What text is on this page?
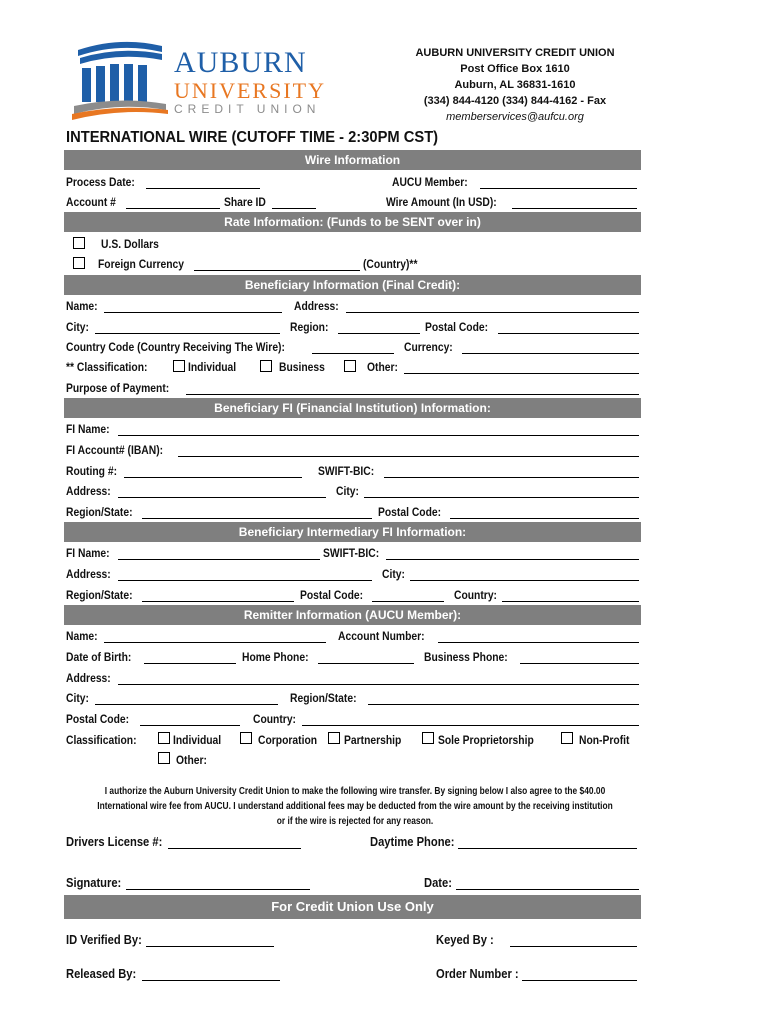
AUBURN
UNIVERSITY
CREDIT UNION
AUBURN UNIVERSITY CREDIT UNION
Post Office Box 1610
Auburn, AL 36831-1610
(334) 844-4120 (334) 844-4162 - Fax
memberservices@aufcu.org
INTERNATIONAL WIRE (CUTOFF TIME - 2:30PM CST)
Wire Information
Process Date:	AUCU Member:
Account #	Share ID	Wire Amount (In USD):
Rate Information: (Funds to be SENT over in)
U.S. Dollars
Foreign Currency	(Country)**
Beneficiary Information (Final Credit):
Name:	Address:
City:	Region:	Postal Code:
Country Code (Country Receiving The Wire):	Currency:
** Classification:	Individual	Business	Other:
Purpose of Payment:
Beneficiary FI (Financial Institution) Information:
FI Name:
FI Account# (IBAN):
Routing #:	SWIFT-BIC:
Address:	City:
Region/State:	Postal Code:
Beneficiary Intermediary FI Information:
FI Name:	SWIFT-BIC:
Address:	City:
Region/State:	Postal Code:	Country:
Remitter Information (AUCU Member):
Name:	Account Number:
Date of Birth:	Home Phone:	Business Phone:
Address:
City:	Region/State:
Postal Code:	Country:
Classification:	Individual	Corporation Partnership	Sole Proprietorship	Non-Profit
Other:
I authorize the Auburn University Credit Union to make the following wire transfer. By signing below I also agree to the $40.00
International wire fee from AUCU. I understand additional fees may be deducted from the wire amount by the receiving institution
or if the wire is rejected for any reason.
Drivers License #:	Daytime Phone:
Signature:	Date:
For Credit Union Use Only
ID Verified By:	Keyed By :
Released By:	Order Number :
